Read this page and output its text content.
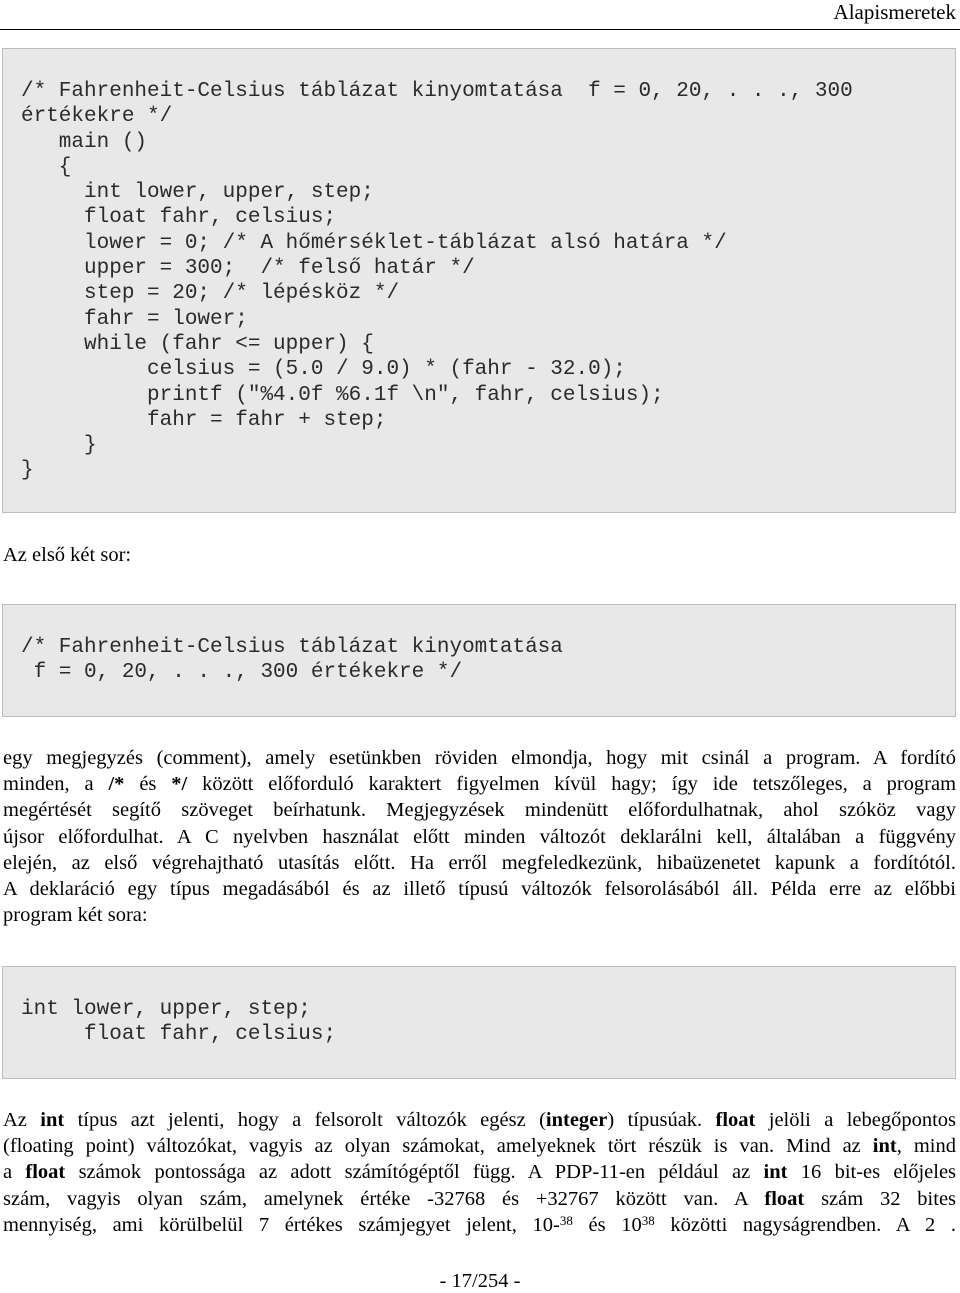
Alapismeretek
/* Fahrenheit-Celsius táblázat kinyomtatása  f = 0, 20, . . ., 300
értékekre */
main ()
{
int lower, upper, step;
float fahr, celsius;
lower = 0; /* A hőmérséklet-táblázat alsó határa */
upper = 300;  /* felső határ */
step = 20; /* lépésköz */
fahr = lower;
while (fahr <= upper) {
celsius = (5.0 / 9.0) * (fahr - 32.0);
printf ("%4.0f %6.1f \n", fahr, celsius);
fahr = fahr + step;
}
}
Az első két sor:
/* Fahrenheit-Celsius táblázat kinyomtatása
f = 0, 20, . . ., 300 értékekre */
egy megjegyzés (comment), amely esetünkben röviden elmondja, hogy mit csinál a program. A fordító
minden, a /* és */ között előforduló karaktert figyelmen kívül hagy; így ide tetszőleges, a program
megértését segítő szöveget beírhatunk. Megjegyzések mindenütt előfordulhatnak, ahol szóköz vagy
újsor előfordulhat. A C nyelvben használat előtt minden változót deklarálni kell, általában a függvény
elején, az első végrehajtható utasítás előtt. Ha erről megfeledkezünk, hibaüzenetet kapunk a fordítótól.
A deklaráció egy típus megadásából és az illető típusú változók felsorolásából áll. Példa erre az előbbi
program két sora:
int lower, upper, step;
float fahr, celsius;
Az int típus azt jelenti, hogy a felsorolt változók egész (integer) típusúak. float jelöli a lebegőpontos
(floating point) változókat, vagyis az olyan számokat, amelyeknek tört részük is van. Mind az int, mind
a float számok pontossága az adott számítógéptől függ. A PDP-11-en például az int 16 bit-es előjeles
szám, vagyis olyan szám, amelynek értéke -32768 és +32767 között van. A float szám 32 bites
mennyiség, ami körülbelül 7 értékes számjegyet jelent, 10-$^{38}$ és $10^{38}$ közötti nagyságrendben. A 2 .
- 17/254 -
